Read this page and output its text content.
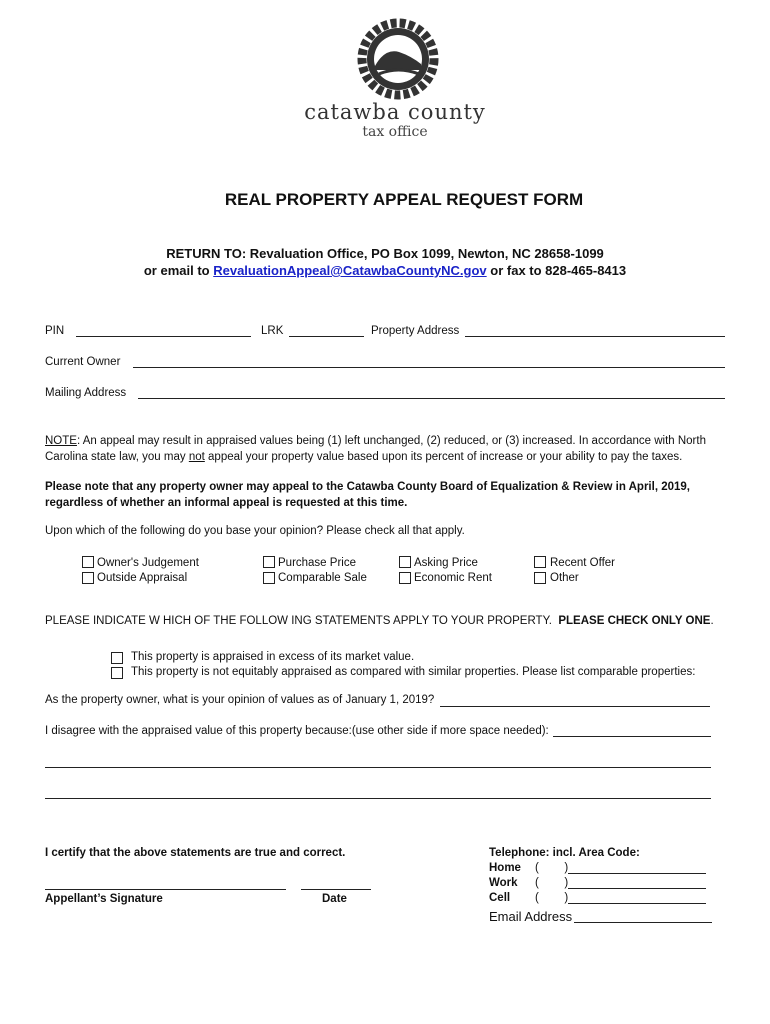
catawba county
tax office
REAL PROPERTY APPEAL REQUEST FORM
RETURN TO: Revaluation Office, PO Box 1099, Newton, NC 28658-1099
or email to RevaluationAppeal@CatawbaCountyNC.gov or fax to 828-465-8413
PIN	LRK	Property Address
Current Owner
Mailing Address
NOTE: An appeal may result in appraised values being (1) left unchanged, (2) reduced, or (3) increased. In accordance with North
Carolina state law, you may not appeal your property value based upon its percent of increase or your ability to pay the taxes.
Please note that any property owner may appeal to the Catawba County Board of Equalization & Review in April, 2019,
regardless of whether an informal appeal is requested at this time.
Upon which of the following do you base your opinion? Please check all that apply.
Owner's Judgement
Outside Appraisal
Purchase Price
Comparable Sale
Asking Price
Economic Rent
Recent Offer
Other
PLEASE INDICATE W HICH OF THE FOLLOW ING STATEMENTS APPLY TO YOUR PROPERTY. PLEASE CHECK ONLY ONE.
This property is appraised in excess of its market value.
This property is not equitably appraised as compared with similar properties. Please list comparable properties:
As the property owner, what is your opinion of values as of January 1, 2019?
I disagree with the appraised value of this property because:(use other side if more space needed):
I certify that the above statements are true and correct.
Appellant’s Signature	Date
Telephone: incl. Area Code:
Home (        )
Work (        )
Cell (        )
Email Address
